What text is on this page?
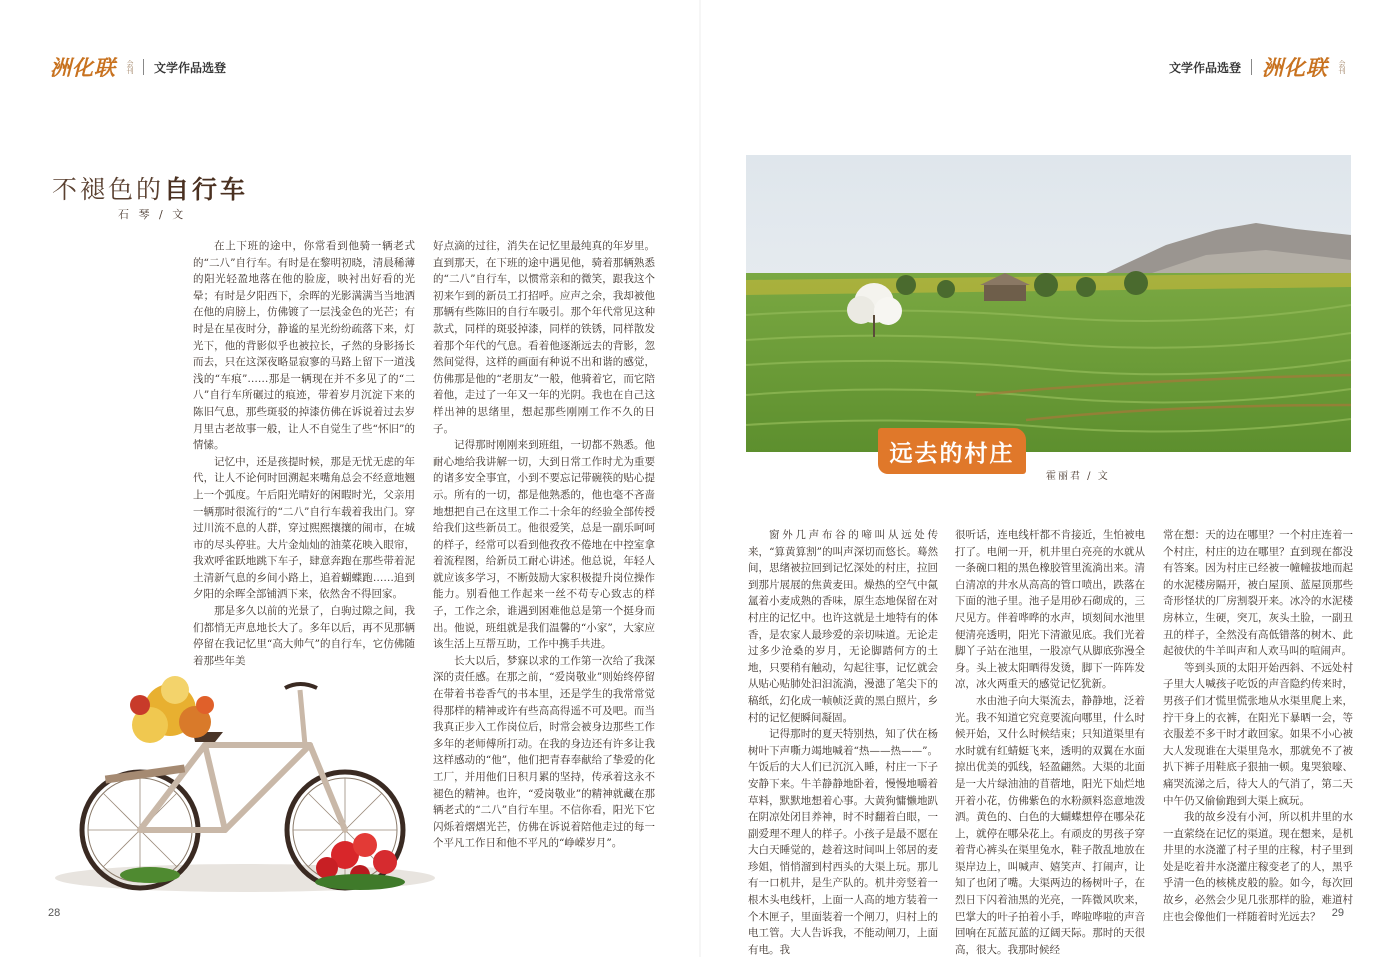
洲化联 会刊 文学作品选登	文学作品选登 洲化联 会刊
不褪色的自行车
石 琴 / 文

在上下班的途中，你常看到他骑一辆老式的“二八”自行车。有时是在黎明初晓，清晨稀薄的阳光轻盈地落在他的脸庞，映衬出好看的光晕；有时是夕阳西下，余晖的光影满满当当地洒在他的肩膀上，仿佛镀了一层浅金色的光芒；有时是在星夜时分，静谧的星光纷纷疏落下来，灯光下，他的背影似乎也被拉长，孑然的身影扬长而去，只在这深夜略显寂寥的马路上留下一道浅浅的“车痕”……那是一辆现在并不多见了的“二八”自行车所碾过的痕迹，带着岁月沉淀下来的陈旧气息，那些斑驳的掉漆仿佛在诉说着过去岁月里古老故事一般，让人不自觉生了些“怀旧”的情愫。

记忆中，还是孩提时候，那是无忧无虑的年代，让人不论何时回溯起来嘴角总会不经意地翘上一个弧度。午后阳光晴好的闲暇时光，父亲用一辆那时很流行的“二八”自行车载着我出门。穿过川流不息的人群，穿过熙熙攘攘的闹市，在城市的尽头停驻。大片金灿灿的油菜花映入眼帘，我欢呼雀跃地跳下车子，肆意奔跑在那些带着泥土清新气息的乡间小路上，追着蝴蝶跑……追到夕阳的余晖全部铺洒下来，依然舍不得回家。

那是多久以前的光景了，白驹过隙之间，我们都悄无声息地长大了。多年以后，再不见那辆停留在我记忆里“高大帅气”的自行车，它仿佛随着那些年美

好点滴的过往，消失在记忆里最纯真的年岁里。直到那天，在下班的途中遇见他，骑着那辆熟悉的“二八”自行车，以惯常亲和的微笑，跟我这个初来乍到的新员工打招呼。应声之余，我却被他那辆有些陈旧的自行车吸引。那个年代常见这种款式，同样的斑驳掉漆，同样的铁锈，同样散发着那个年代的气息。看着他逐渐远去的背影，忽然间觉得，这样的画面有种说不出和谐的感觉，仿佛那是他的“老朋友”一般，他骑着它，而它陪着他，走过了一年又一年的光阴。我也在自己这样出神的思绪里，想起那些刚刚工作不久的日子。

记得那时刚刚来到班组，一切都不熟悉。他耐心地给我讲解一切，大到日常工作时尤为重要的诸多安全事宜，小到不要忘记带碗筷的贴心提示。所有的一切，都是他熟悉的，他也毫不吝啬地想把自己在这里工作二十余年的经验全部传授给我们这些新员工。他很爱笑，总是一副乐呵呵的样子，经常可以看到他孜孜不倦地在中控室拿着流程图，给新员工耐心讲述。他总说，年轻人就应该多学习，不断鼓励大家积极提升岗位操作能力。别看他工作起来一丝不苟专心致志的样子，工作之余，谁遇到困难他总是第一个挺身而出。他说，班组就是我们温馨的“小家”，大家应该生活上互帮互助，工作中携手共进。

长大以后，梦寐以求的工作第一次给了我深深的责任感。在那之前，“爱岗敬业”则始终停留在带着书卷香气的书本里，还是学生的我常常觉得那样的精神或许有些高高得遥不可及吧。而当我真正步入工作岗位后，时常会被身边那些工作多年的老师傅所打动。在我的身边还有许多让我这样感动的“他”，他们把青春奉献给了挚爱的化工厂，并用他们日积月累的坚持，传承着这永不褪色的精神。也许，“爱岗敬业”的精神就藏在那辆老式的“二八”自行车里。不信你看，阳光下它闪烁着熠熠光芒，仿佛在诉说着陪他走过的每一个平凡工作日和他不平凡的“峥嵘岁月”。

远去的村庄
霍丽君 / 文

窗外几声布谷的啼叫从远处传来，“算黄算割”的叫声深切而悠长。蓦然间，思绪被拉回到记忆深处的村庄，拉回到那片展展的焦黄麦田。燥热的空气中氤氲着小麦成熟的香味，原生态地保留在对村庄的记忆中。也许这就是土地特有的体香，是农家人最珍爱的亲切味道。无论走过多少沧桑的岁月，无论脚踏何方的土地，只要稍有触动，勾起往事，记忆就会从贴心贴肺处汩汩流淌，漫漶了笔尖下的稿纸，幻化成一帧帧泛黄的黑白照片，乡村的记忆便瞬间凝固。

记得那时的夏天特别热，知了伏在杨树叶下声嘶力竭地喊着“热——热——”。午饭后的大人们已沉沉入睡，村庄一下子安静下来。牛羊静静地卧着，慢慢地嚼着草料，默默地想着心事。大黄狗慵懒地趴在阴凉处闭目养神，时不时翻着白眼，一副爱理不理人的样子。小孩子是最不愿在大白天睡觉的，趁着这时间叫上邻居的麦珍姐，悄悄溜到村西头的大渠上玩。那儿有一口机井，是生产队的。机井旁竖着一根木头电线杆，上面一人高的地方装着一个木匣子，里面装着一个闸刀，归村上的电工管。大人告诉我，不能动闸刀，上面有电。我

很听话，连电线杆都不肯接近，生怕被电打了。电闸一开，机井里白亮亮的水就从一条碗口粗的黑色橡胶管里流淌出来。清白清凉的井水从高高的管口喷出，跌落在下面的池子里。池子是用砂石砌成的，三尺见方。伴着哗哗的水声，顷刻间水池里便清亮透明，阳光下清澈见底。我们光着脚丫子站在池里，一股凉气从脚底弥漫全身。头上被太阳晒得发烫，脚下一阵阵发凉，冰火两重天的感觉记忆犹新。

水由池子向大渠流去，静静地，泛着光。我不知道它究竟要流向哪里，什么时候开始，又什么时候结束；只知道渠里有水时就有红蜻蜓飞来，透明的双翼在水面掠出优美的弧线，轻盈翩然。大渠的北面是一大片绿油油的苜蓿地，阳光下灿烂地开着小花，仿佛紫色的水粉颜料恣意地泼洒。黄色的、白色的大蝴蝶想停在哪朵花上，就停在哪朵花上。有顽皮的男孩子穿着背心裤头在渠里兔水，鞋子散乱地放在渠岸边上，叫喊声、嬉笑声、打闹声，让知了也闭了嘴。大渠两边的杨树叶子，在烈日下闪着油黑的光亮，一阵微风吹来，巴掌大的叶子拍着小手，哗啦哗啦的声音回响在瓦蓝瓦蓝的辽阔天际。那时的天很高，很大。我那时候经

常在想：天的边在哪里？一个村庄连着一个村庄，村庄的边在哪里？直到现在都没有答案。因为村庄已经被一幢幢拔地而起的水泥楼房隔开，被白屋顶、蓝屋顶那些奇形怪状的厂房割裂开来。冰冷的水泥楼房林立，生硬，突兀，灰头土脸，一副丑丑的样子，全然没有高低错落的树木、此起彼伏的牛羊叫声和人欢马叫的喧闹声。

等到头顶的太阳开始西斜、不远处村子里大人喊孩子吃饭的声音隐约传来时，男孩子们才慌里慌张地从水渠里爬上来，拧干身上的衣裤，在阳光下暴晒一会，等衣服差不多干时才敢回家。如果不小心被大人发现谁在大渠里凫水，那就免不了被扒下裤子用鞋底子狠抽一顿。鬼哭狼嚎、痛哭流涕之后，待大人的气消了，第二天中午仍又偷偷跑到大渠上疯玩。

我的故乡没有小河，所以机井里的水一直萦绕在记忆的渠道。现在想来，是机井里的水浇灌了村子里的庄稼，村子里到处是吃着井水浇灌庄稼变老了的人，黑乎乎清一色的核桃皮般的脸。如今，每次回故乡，必然会少见几张那样的脸，难道村庄也会像他们一样随着时光远去？

28	29
